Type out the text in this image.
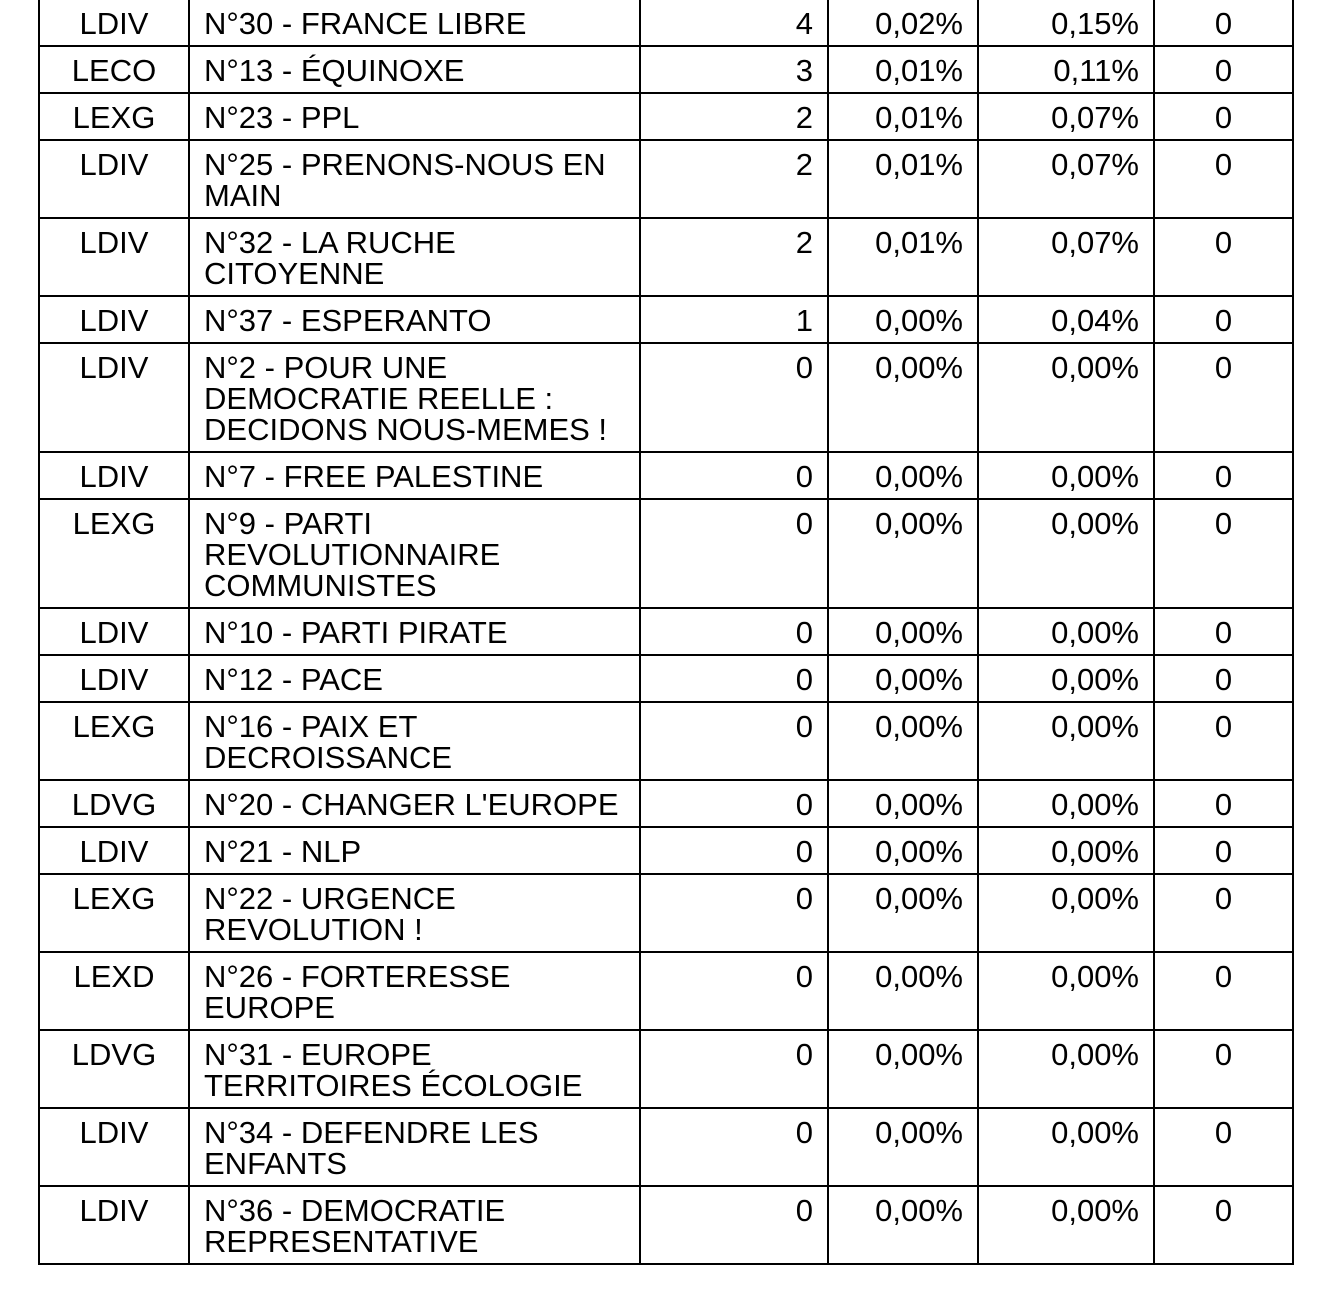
LDIV	N°30 - FRANCE LIBRE	4	0,02%	0,15%	0
LECO	N°13 - ÉQUINOXE	3	0,01%	0,11%	0
LEXG	N°23 - PPL	2	0,01%	0,07%	0
LDIV	N°25 - PRENONS-NOUS EN MAIN	2	0,01%	0,07%	0
LDIV	N°32 - LA RUCHE CITOYENNE	2	0,01%	0,07%	0
LDIV	N°37 - ESPERANTO	1	0,00%	0,04%	0
LDIV	N°2 - POUR UNE DEMOCRATIE REELLE : DECIDONS NOUS-MEMES !	0	0,00%	0,00%	0
LDIV	N°7 - FREE PALESTINE	0	0,00%	0,00%	0
LEXG	N°9 - PARTI REVOLUTIONNAIRE COMMUNISTES	0	0,00%	0,00%	0
LDIV	N°10 - PARTI PIRATE	0	0,00%	0,00%	0
LDIV	N°12 - PACE	0	0,00%	0,00%	0
LEXG	N°16 - PAIX ET DECROISSANCE	0	0,00%	0,00%	0
LDVG	N°20 - CHANGER L'EUROPE	0	0,00%	0,00%	0
LDIV	N°21 - NLP	0	0,00%	0,00%	0
LEXG	N°22 - URGENCE REVOLUTION !	0	0,00%	0,00%	0
LEXD	N°26 - FORTERESSE EUROPE	0	0,00%	0,00%	0
LDVG	N°31 - EUROPE TERRITOIRES ÉCOLOGIE	0	0,00%	0,00%	0
LDIV	N°34 - DEFENDRE LES ENFANTS	0	0,00%	0,00%	0
LDIV	N°36 - DEMOCRATIE REPRESENTATIVE	0	0,00%	0,00%	0
